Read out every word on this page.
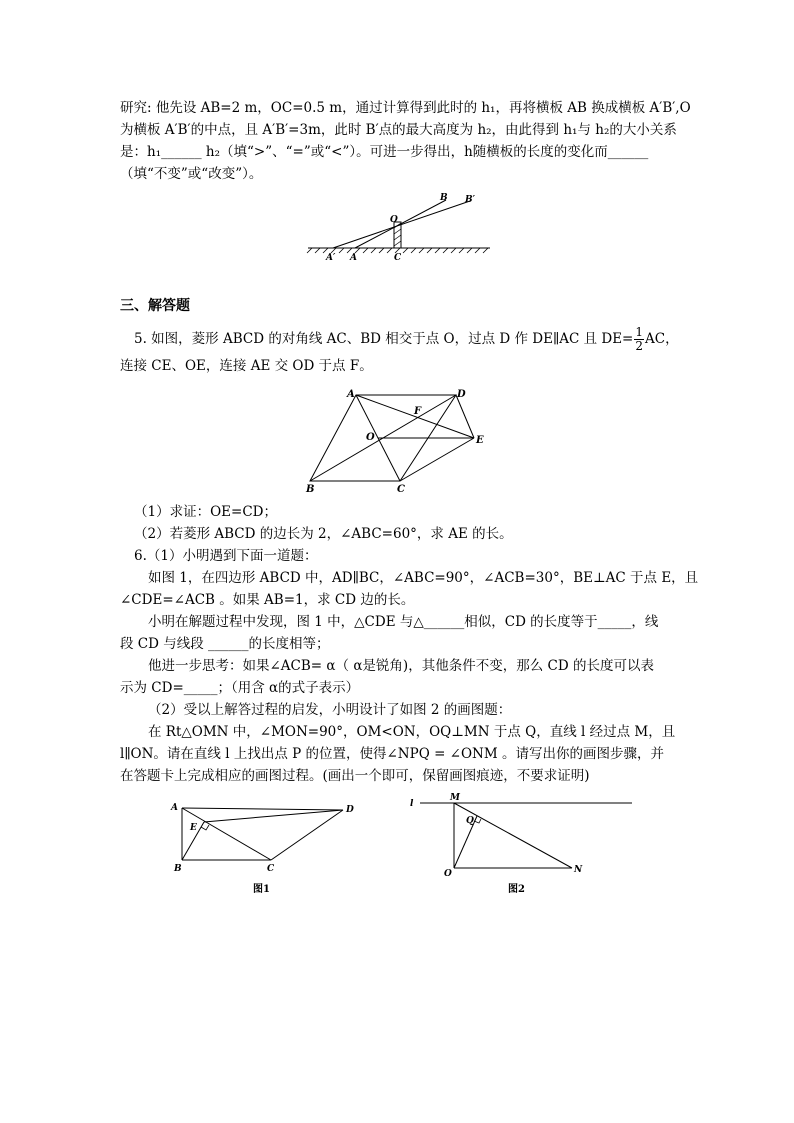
研究: 他先设 AB=2 m，OC=0.5 m，通过计算得到此时的 h₁，再将横板 AB 换成横板 A′B′,O
为横板 A′B′的中点，且 A′B′=3m，此时 B′点的最大高度为 h₂，由此得到 h₁与 h₂的大小关系
是：h₁______ h₂（填“>”、“=”或“<”）。可进一步得出，h随横板的长度的变化而______
（填“不变”或“改变”）。
O
B B′
A′ A	C
三、解答题
5. 如图，菱形 ABCD 的对角线 AC、BD 相交于点 O，过点 D 作 DE∥AC 且 $DE= \frac{1}{2}$ AC，
连接 CE、OE，连接 AE 交 OD 于点 F。
A	D
F
O	E
B	C
（1）求证：OE=CD；
（2）若菱形 ABCD 的边长为 2，∠ABC=60°，求 AE 的长。
6.（1）小明遇到下面一道题：
如图 1，在四边形 ABCD 中，AD∥BC，∠ABC=90°，∠ACB=30°，BE⊥AC 于点 E，且
∠CDE=∠ACB 。如果 AB=1，求 CD 边的长。
小明在解题过程中发现，图 1 中，△CDE 与△______相似，CD 的长度等于_____，线
段 CD 与线段 ______的长度相等；
他进一步思考：如果∠ACB= α（ α是锐角)，其他条件不变，那么 CD 的长度可以表
示为 CD=_____；（用含 α的式子表示）
（2）受以上解答过程的启发，小明设计了如图 2 的画图题：
在 Rt△OMN 中，∠MON=90°，OM<ON，OQ⊥MN 于点 Q，直线 l 经过点 M，且
l∥ON。请在直线 l 上找出点 P 的位置，使得∠NPQ = ∠ONM 。请写出你的画图步骤，并
在答题卡上完成相应的画图过程。(画出一个即可，保留画图痕迹，不要求证明)
A	D
E
B	C
图1
l
M
Q
O	N
图2
